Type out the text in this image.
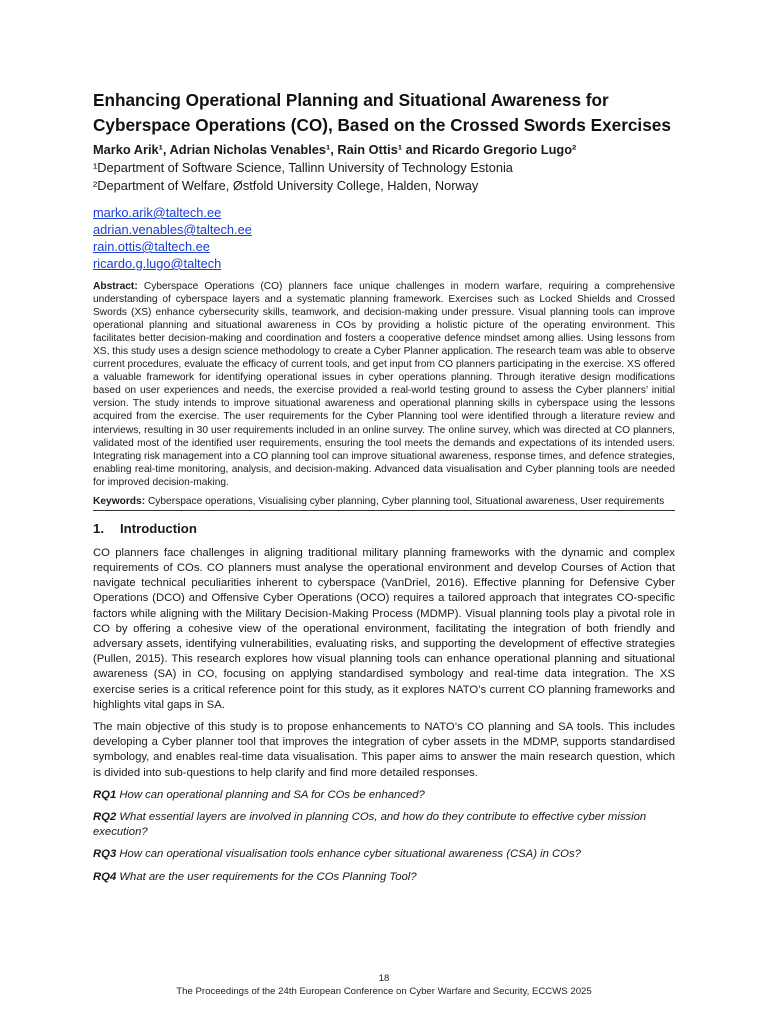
Enhancing Operational Planning and Situational Awareness for Cyberspace Operations (CO), Based on the Crossed Swords Exercises

Marko Arik¹, Adrian Nicholas Venables¹, Rain Ottis¹ and Ricardo Gregorio Lugo²

¹Department of Software Science, Tallinn University of Technology Estonia

²Department of Welfare, Østfold University College, Halden, Norway

marko.arik@taltech.ee
adrian.venables@taltech.ee
rain.ottis@taltech.ee
ricardo.g.lugo@taltech

Abstract: Cyberspace Operations (CO) planners face unique challenges in modern warfare, requiring a comprehensive understanding of cyberspace layers and a systematic planning framework. Exercises such as Locked Shields and Crossed Swords (XS) enhance cybersecurity skills, teamwork, and decision-making under pressure. Visual planning tools can improve operational planning and situational awareness in COs by providing a holistic picture of the operating environment. This facilitates better decision-making and coordination and fosters a cooperative defence mindset among allies. Using lessons from XS, this study uses a design science methodology to create a Cyber Planner application. The research team was able to observe current procedures, evaluate the efficacy of current tools, and get input from CO planners participating in the exercise. XS offered a valuable framework for identifying operational issues in cyber operations planning. Through iterative design modifications based on user experiences and needs, the exercise provided a real-world testing ground to assess the Cyber planners’ initial version. The study intends to improve situational awareness and operational planning skills in cyberspace using the lessons acquired from the exercise. The user requirements for the Cyber Planning tool were identified through a literature review and interviews, resulting in 30 user requirements included in an online survey. The online survey, which was directed at CO planners, validated most of the identified user requirements, ensuring the tool meets the demands and expectations of its intended users. Integrating risk management into a CO planning tool can improve situational awareness, response times, and defence strategies, enabling real-time monitoring, analysis, and decision-making. Advanced data visualisation and Cyber planning tools are needed for improved decision-making.

Keywords: Cyberspace operations, Visualising cyber planning, Cyber planning tool, Situational awareness, User requirements

1. Introduction

CO planners face challenges in aligning traditional military planning frameworks with the dynamic and complex requirements of COs. CO planners must analyse the operational environment and develop Courses of Action that navigate technical peculiarities inherent to cyberspace (VanDriel, 2016). Effective planning for Defensive Cyber Operations (DCO) and Offensive Cyber Operations (OCO) requires a tailored approach that integrates CO-specific factors while aligning with the Military Decision-Making Process (MDMP). Visual planning tools play a pivotal role in CO by offering a cohesive view of the operational environment, facilitating the integration of both friendly and adversary assets, identifying vulnerabilities, evaluating risks, and supporting the development of effective strategies (Pullen, 2015). This research explores how visual planning tools can enhance operational planning and situational awareness (SA) in CO, focusing on applying standardised symbology and real-time data integration. The XS exercise series is a critical reference point for this study, as it explores NATO’s current CO planning frameworks and highlights vital gaps in SA.

The main objective of this study is to propose enhancements to NATO’s CO planning and SA tools. This includes developing a Cyber planner tool that improves the integration of cyber assets in the MDMP, supports standardised symbology, and enables real-time data visualisation. This paper aims to answer the main research question, which is divided into sub-questions to help clarify and find more detailed responses.

RQ1 How can operational planning and SA for COs be enhanced?

RQ2 What essential layers are involved in planning COs, and how do they contribute to effective cyber mission execution?

RQ3 How can operational visualisation tools enhance cyber situational awareness (CSA) in COs?

RQ4 What are the user requirements for the COs Planning Tool?

18
The Proceedings of the 24th European Conference on Cyber Warfare and Security, ECCWS 2025
